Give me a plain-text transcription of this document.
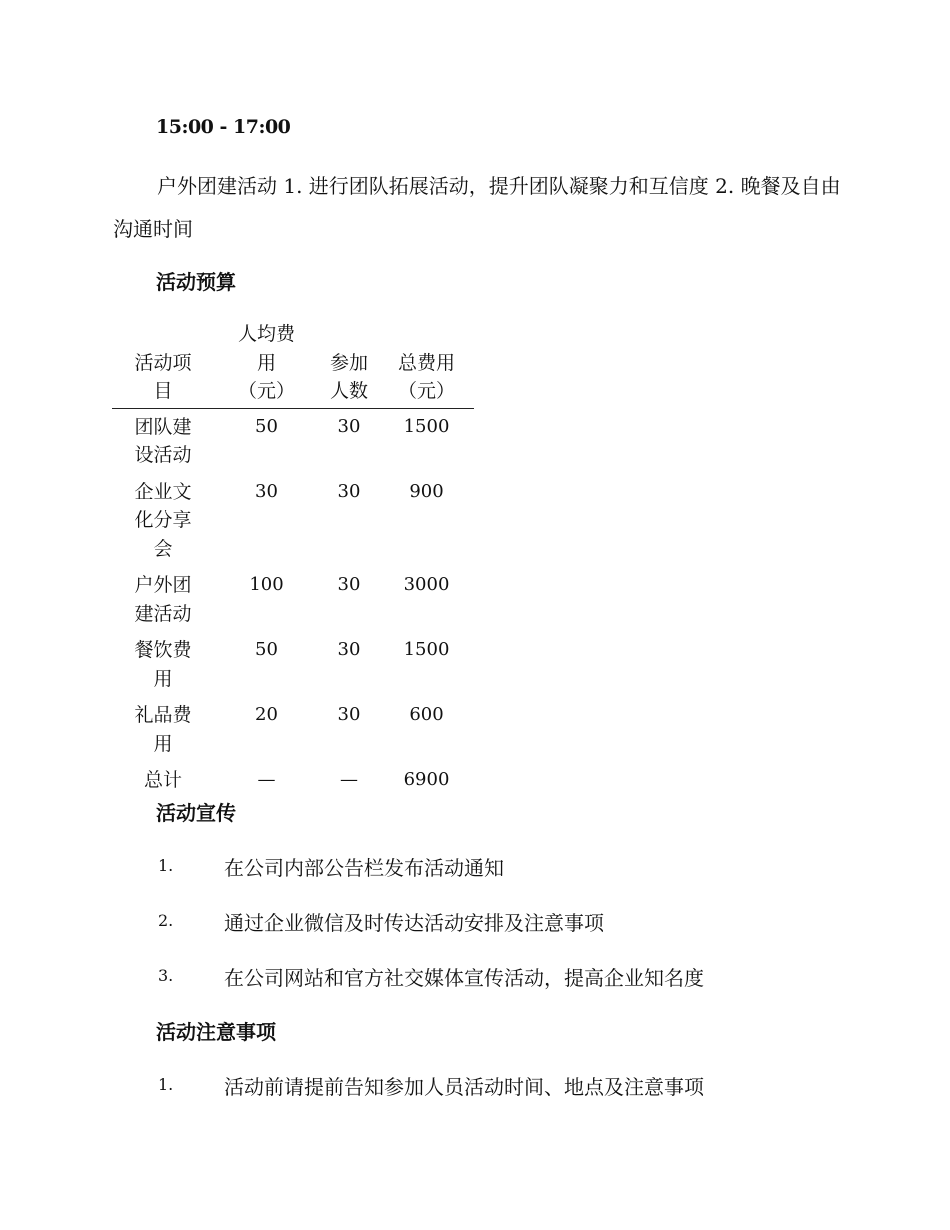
15:00 - 17:00
户外团建活动 1. 进行团队拓展活动，提升团队凝聚力和互信度 2. 晚餐及自由沟通时间
活动预算
活动项目	人均费用（元）	参加人数	总费用（元）

团队建设活动	50	30	1500

企业文化分享会	30	30	900

户外团建活动	100	30	3000

餐饮费用	50	30	1500

礼品费用	20	30	600

总计	—	—	6900
活动宣传
1.	在公司内部公告栏发布活动通知
2.	通过企业微信及时传达活动安排及注意事项
3.	在公司网站和官方社交媒体宣传活动，提高企业知名度
活动注意事项
1.	活动前请提前告知参加人员活动时间、地点及注意事项
